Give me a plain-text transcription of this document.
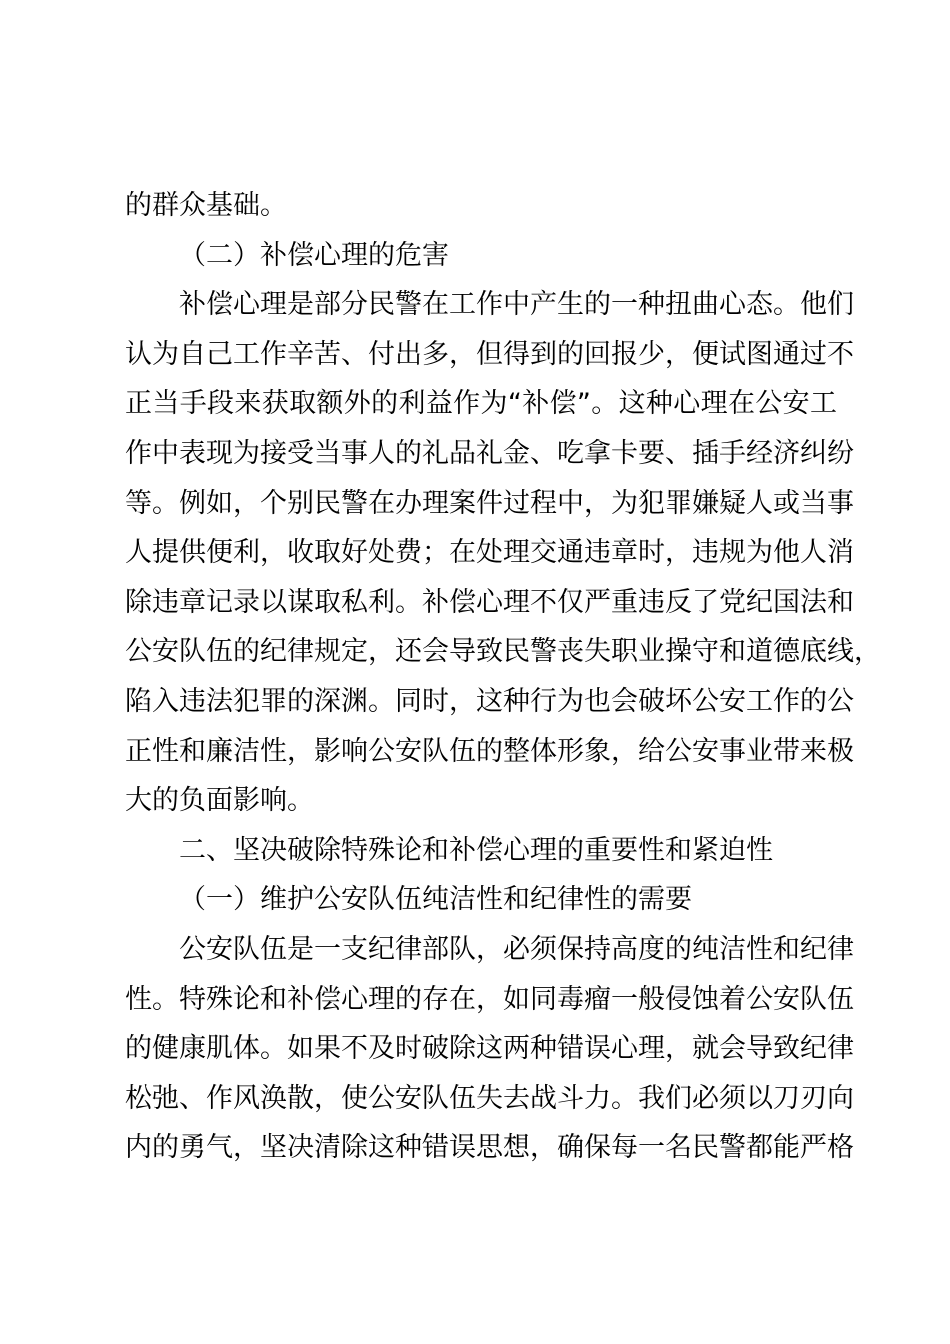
的群众基础。
（二）补偿心理的危害
补偿心理是部分民警在工作中产生的一种扭曲心态。他们
认为自己工作辛苦、付出多，但得到的回报少，便试图通过不
正当手段来获取额外的利益作为“补偿”。这种心理在公安工
作中表现为接受当事人的礼品礼金、吃拿卡要、插手经济纠纷
等。例如，个别民警在办理案件过程中，为犯罪嫌疑人或当事
人提供便利，收取好处费；在处理交通违章时，违规为他人消
除违章记录以谋取私利。补偿心理不仅严重违反了党纪国法和
公安队伍的纪律规定，还会导致民警丧失职业操守和道德底线，
陷入违法犯罪的深渊。同时，这种行为也会破坏公安工作的公
正性和廉洁性，影响公安队伍的整体形象，给公安事业带来极
大的负面影响。
二、坚决破除特殊论和补偿心理的重要性和紧迫性
（一）维护公安队伍纯洁性和纪律性的需要
公安队伍是一支纪律部队，必须保持高度的纯洁性和纪律
性。特殊论和补偿心理的存在，如同毒瘤一般侵蚀着公安队伍
的健康肌体。如果不及时破除这两种错误心理，就会导致纪律
松弛、作风涣散，使公安队伍失去战斗力。我们必须以刀刃向
内的勇气，坚决清除这种错误思想，确保每一名民警都能严格
